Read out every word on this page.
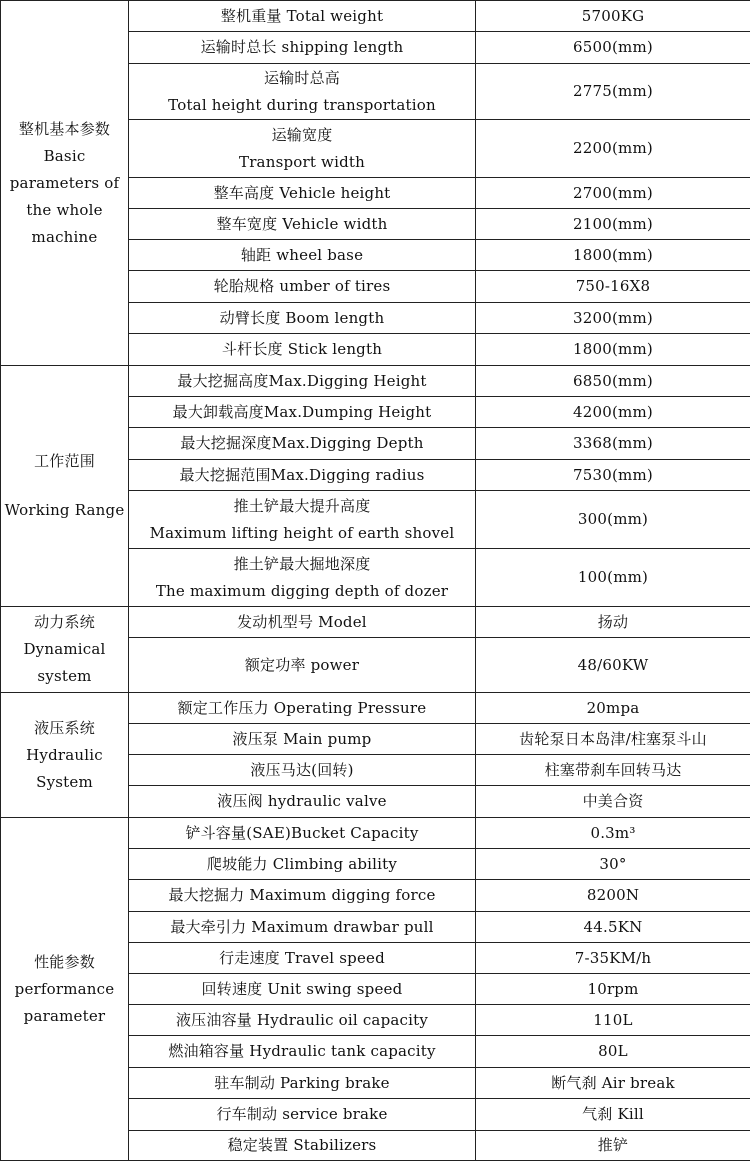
整机基本参数
Basic
parameters of
the whole
machine	整机重量 Total weight	5700KG
	运输时总长 shipping length	6500(mm)

	运输时总高
Total height during transportation	2775(mm)

	运输宽度
Transport width	2200(mm)
	整车高度 Vehicle height	2700(mm)
	整车宽度 Vehicle width	2100(mm)
	轴距 wheel base	1800(mm)
	轮胎规格 umber of tires	750-16X8
	动臂长度 Boom length	3200(mm)
	斗杆长度 Stick length	1800(mm)

工作范围
Working Range	最大挖掘高度Max.Digging Height	6850(mm)
	最大卸载高度Max.Dumping Height	4200(mm)
	最大挖掘深度Max.Digging Depth	3368(mm)
	最大挖掘范围Max.Digging radius	7530(mm)

	推土铲最大提升高度
Maximum lifting height of earth shovel	300(mm)

	推土铲最大掘地深度
The maximum digging depth of dozer	100(mm)

动力系统
Dynamical
system	发动机型号 Model	扬动
	额定功率 power	48/60KW

液压系统
Hydraulic
System	额定工作压力 Operating Pressure	20mpa
	液压泵 Main pump	齿轮泵日本岛津/柱塞泵斗山
	液压马达(回转)	柱塞带刹车回转马达
	液压阀 hydraulic valve	中美合资

性能参数
performance
parameter	铲斗容量(SAE)Bucket Capacity	0.3m³
	爬坡能力 Climbing ability	30°
	最大挖掘力 Maximum digging force	8200N
	最大牵引力 Maximum drawbar pull	44.5KN
	行走速度 Travel speed	7-35KM/h
	回转速度 Unit swing speed	10rpm
	液压油容量 Hydraulic oil capacity	110L
	燃油箱容量 Hydraulic tank capacity	80L
	驻车制动 Parking brake	断气刹 Air break
	行车制动 service brake	气刹 Kill
	稳定装置 Stabilizers	推铲
